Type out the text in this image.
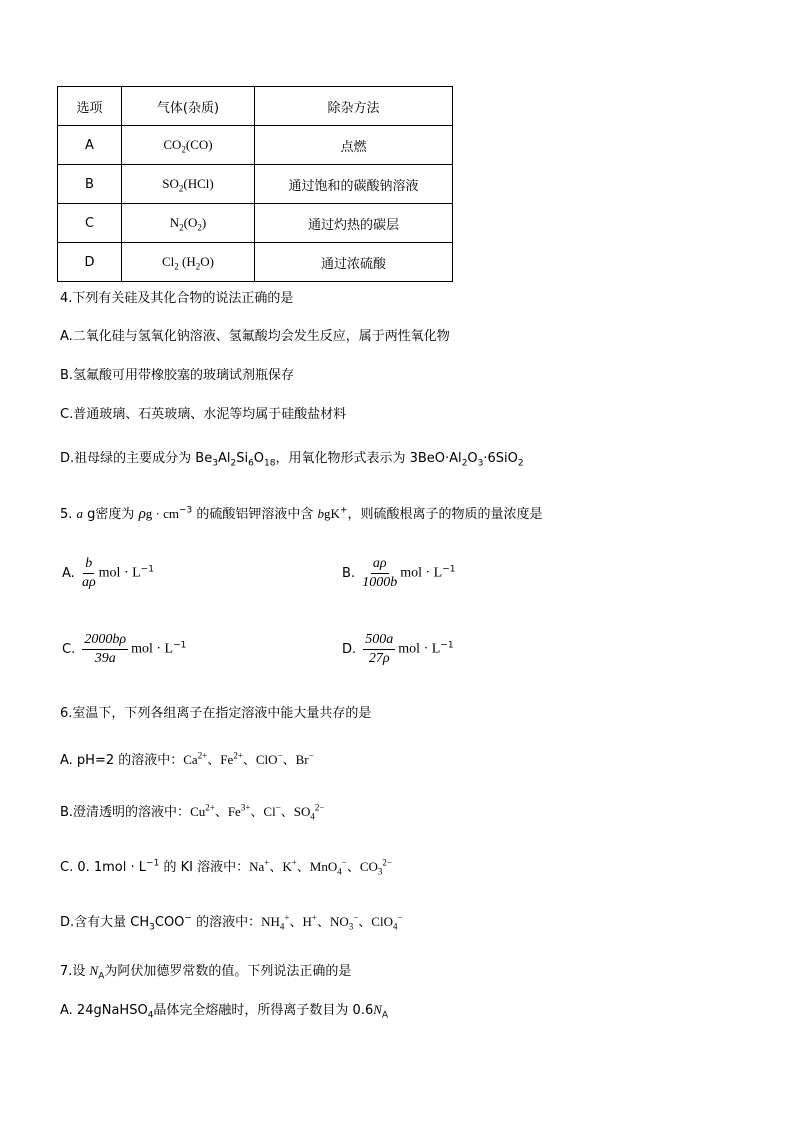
选项	气体(杂质)	除杂方法
A	$CO_2(CO)$	点燃
B	$SO_2(HCl)$	通过饱和的碳酸钠溶液
C	$N_2(O_2)$	通过灼热的碳层
D	$Cl_2$ $(H_2O)$	通过浓硫酸
4.下列有关硅及其化合物的说法正确的是
A.二氧化硅与氢氧化钠溶液、氢氟酸均会发生反应，属于两性氧化物
B.氢氟酸可用带橡胶塞的玻璃试剂瓶保存
C.普通玻璃、石英玻璃、水泥等均属于硅酸盐材料
D.祖母绿的主要成分为 $Be_3Al_2Si_6O_{18}$，用氧化物形式表示为 $3BeO\cdot Al_2O_3\cdot 6SiO_2$
5. a g密度为 $\rho g \cdot cm^{-3}$ 的硫酸铝钾溶液中含 bgK+，则硫酸根离子的物质的量浓度是
A. $\frac{b}{a\rho}$ mol · $L^{-1}$	B. $\frac{a\rho}{1000b}$ mol · $L^{-1}$
C. $\frac{2000b\rho}{39a}$ mol · $L^{-1}$	D. $\frac{500a}{27\rho}$ mol · $L^{-1}$
6.室温下，下列各组离子在指定溶液中能大量共存的是
A. pH=2 的溶液中：$Ca^{2+}$、$Fe^{2+}$、ClO−、Br−
B.澄清透明的溶液中：$Cu^{2+}$、$Fe^{3+}$、Cl−、$SO_4^{2-}$
C. 0. $1mol \cdot L^{-1}$ 的 KI 溶液中：Na+、K+、MnO$_4$−、$CO_3^{2-}$
D.含有大量 $CH_3COO^-$ 的溶液中：$NH_4^+$、H+、$NO_3^-$、ClO$_4$−
7.设 $N_A$为阿伏加德罗常数的值。下列说法正确的是
A. 24gNaHSO$_4$晶体完全熔融时，所得离子数目为 $0.6N_A$
